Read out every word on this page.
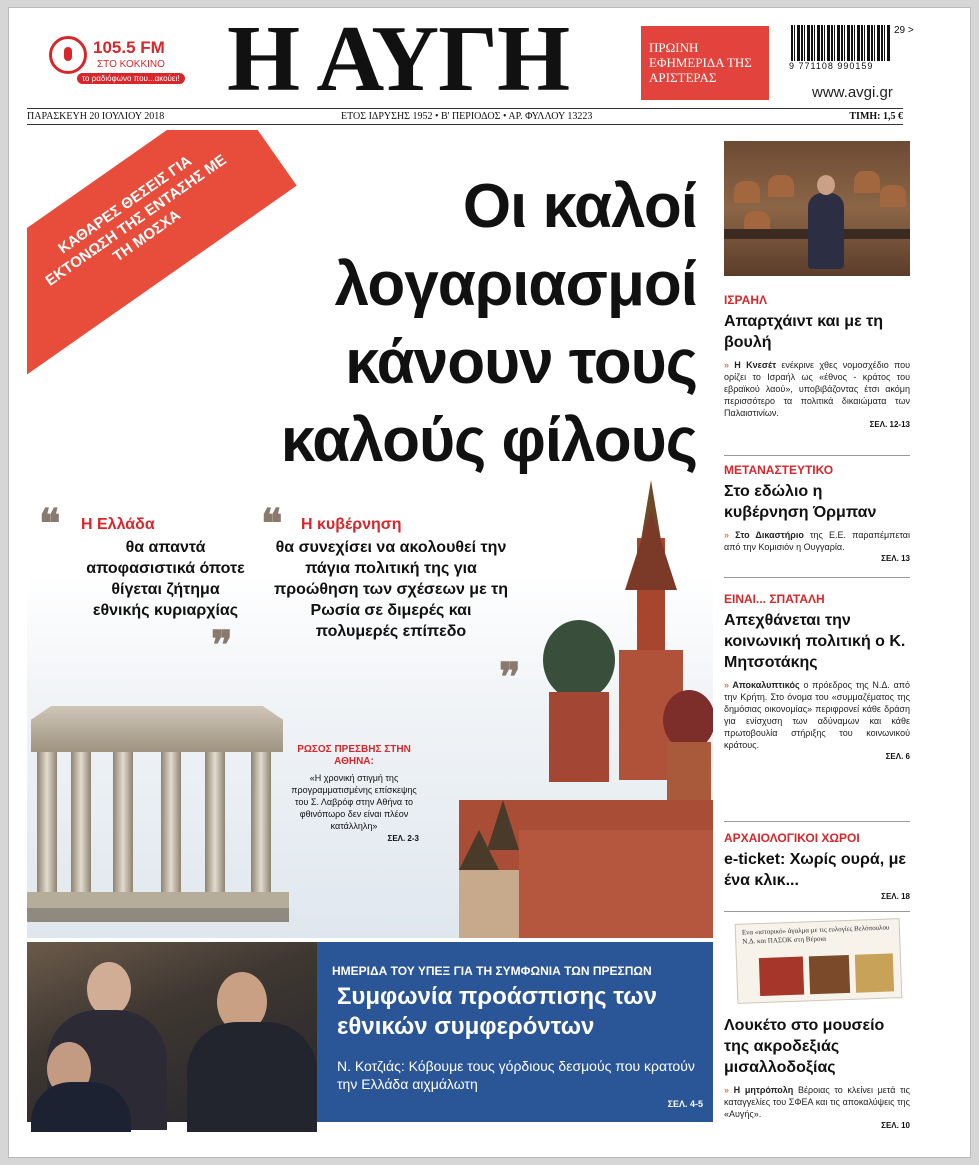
105.5 FM
ΣΤΟ ΚΟΚΚΙΝΟ
το ραδιόφωνο που...ακούει! Η ΑΥΓΗ	ΠΡΩΙΝΗ ΕΦΗΜΕΡΙΔΑ ΤΗΣ ΑΡΙΣΤΕΡΑΣ
9 771108 990159
29 >
www.avgi.gr
ΠΑΡΑΣΚΕΥΗ 20 ΙΟΥΛΙΟΥ 2018	ΕΤΟΣ ΙΔΡΥΣΗΣ 1952 • Β' ΠΕΡΙΟΔΟΣ • ΑΡ. ΦΥΛΛΟΥ 13223	ΤΙΜΗ: 1,5 €
ΚΑΘΑΡΕΣ ΘΕΣΕΙΣ ΓΙΑ ΕΚΤΟΝΩΣΗ ΤΗΣ ΕΝΤΑΣΗΣ ΜΕ ΤΗ ΜΟΣΧΑ	Οι καλοί λογαριασμοί κάνουν τους καλούς φίλους
❝ Η Ελλάδα
θα απαντά αποφασιστικά όποτε θίγεται ζήτημα εθνικής κυριαρχίας
❞
❝ Η κυβέρνηση
θα συνεχίσει να ακολουθεί την πάγια πολιτική της για προώθηση των σχέσεων με τη Ρωσία σε διμερές και πολυμερές επίπεδο
❞
ΡΩΣΟΣ ΠΡΕΣΒΗΣ ΣΤΗΝ ΑΘΗΝΑ:
«Η χρονική στιγμή της προγραμματισμένης επίσκεψης του Σ. Λαβρόφ στην Αθήνα το φθινόπωρο δεν είναι πλέον κατάλληλη»
ΣΕΛ. 2-3
ΗΜΕΡΙΔΑ ΤΟΥ ΥΠΕΞ ΓΙΑ ΤΗ ΣΥΜΦΩΝΙΑ ΤΩΝ ΠΡΕΣΠΩΝ
Συμφωνία προάσπισης των εθνικών συμφερόντων
Ν. Κοτζιάς: Κόβουμε τους γόρδιους δεσμούς που κρατούν την Ελλάδα αιχμάλωτη
ΣΕΛ. 4-5
ΙΣΡΑΗΛ
Απαρτχάιντ και με τη βουλή
» Η Κνεσέτ ενέκρινε χθες νομοσχέδιο που ορίζει το Ισραήλ ως «έθνος - κράτος του εβραϊκού λαού», υποβιβάζοντας έτσι ακόμη περισσότερο τα πολιτικά δικαιώματα των Παλαιστινίων.
ΣΕΛ. 12-13
ΜΕΤΑΝΑΣΤΕΥΤΙΚΟ
Στο εδώλιο η κυβέρνηση Όρμπαν
» Στο Δικαστήριο της Ε.Ε. παραπέμπεται από την Κομισιόν η Ουγγαρία.
ΣΕΛ. 13
ΕΙΝΑΙ... ΣΠΑΤΑΛΗ
Απεχθάνεται την κοινωνική πολιτική ο Κ. Μητσοτάκης
» Αποκαλυπτικός ο πρόεδρος της Ν.Δ. από την Κρήτη. Στο όνομα του «συμμαζέματος της δημόσιας οικονομίας» περιφρονεί κάθε δράση για ενίσχυση των αδύναμων και κάθε πρωτοβουλία στήριξης του κοινωνικού κράτους.
ΣΕΛ. 6
ΑΡΧΑΙΟΛΟΓΙΚΟΙ ΧΩΡΟΙ
e-ticket: Χωρίς ουρά, με ένα κλικ...
ΣΕΛ. 18
Ενα «ιστορικό» άγαλμα με τις ευλογίες Βελόπουλου Ν.Δ. και ΠΑΣΟΚ στη Βέροια
Λουκέτο στο μουσείο της ακροδεξιάς μισαλλοδοξίας
» Η μητρόπολη Βέροιας το κλείνει μετά τις καταγγελίες του ΣΦΕΑ και τις αποκαλύψεις της «Αυγής».
ΣΕΛ. 10
